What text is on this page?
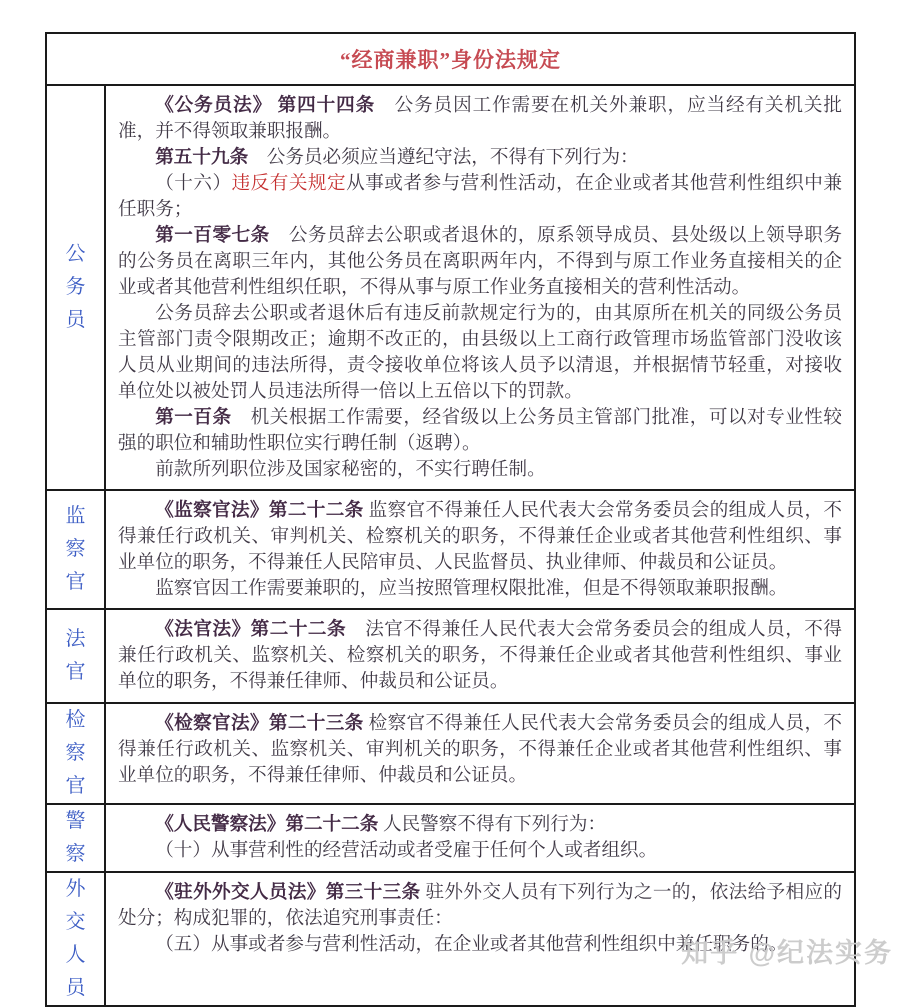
“经商兼职”身份法规定
公
务
员

《公务员法》 第四十四条　公务员因工作需要在机关外兼职，应当经有关机关批准，并不得领取兼职报酬。

第五十九条　公务员必须应当遵纪守法，不得有下列行为：

（十六）违反有关规定从事或者参与营利性活动，在企业或者其他营利性组织中兼任职务；

第一百零七条　公务员辞去公职或者退休的，原系领导成员、县处级以上领导职务的公务员在离职三年内，其他公务员在离职两年内，不得到与原工作业务直接相关的企业或者其他营利性组织任职，不得从事与原工作业务直接相关的营利性活动。

公务员辞去公职或者退休后有违反前款规定行为的，由其原所在机关的同级公务员主管部门责令限期改正；逾期不改正的，由县级以上工商行政管理市场监管部门没收该人员从业期间的违法所得，责令接收单位将该人员予以清退，并根据情节轻重，对接收单位处以被处罚人员违法所得一倍以上五倍以下的罚款。

第一百条　机关根据工作需要，经省级以上公务员主管部门批准，可以对专业性较强的职位和辅助性职位实行聘任制（返聘）。

前款所列职位涉及国家秘密的，不实行聘任制。

监
察
官

《监察官法》第二十二条 监察官不得兼任人民代表大会常务委员会的组成人员，不得兼任行政机关、审判机关、检察机关的职务，不得兼任企业或者其他营利性组织、事业单位的职务，不得兼任人民陪审员、人民监督员、执业律师、仲裁员和公证员。

监察官因工作需要兼职的，应当按照管理权限批准，但是不得领取兼职报酬。

法
官

《法官法》第二十二条　法官不得兼任人民代表大会常务委员会的组成人员，不得兼任行政机关、监察机关、检察机关的职务，不得兼任企业或者其他营利性组织、事业单位的职务，不得兼任律师、仲裁员和公证员。

检
察
官

《检察官法》第二十三条 检察官不得兼任人民代表大会常务委员会的组成人员，不得兼任行政机关、监察机关、审判机关的职务，不得兼任企业或者其他营利性组织、事业单位的职务，不得兼任律师、仲裁员和公证员。

警
察

《人民警察法》第二十二条 人民警察不得有下列行为：

（十）从事营利性的经营活动或者受雇于任何个人或者组织。

外
交
人
员

《驻外外交人员法》第三十三条 驻外外交人员有下列行为之一的，依法给予相应的处分；构成犯罪的，依法追究刑事责任：

（五）从事或者参与营利性活动，在企业或者其他营利性组织中兼任职务的。

知乎 @纪法实务
